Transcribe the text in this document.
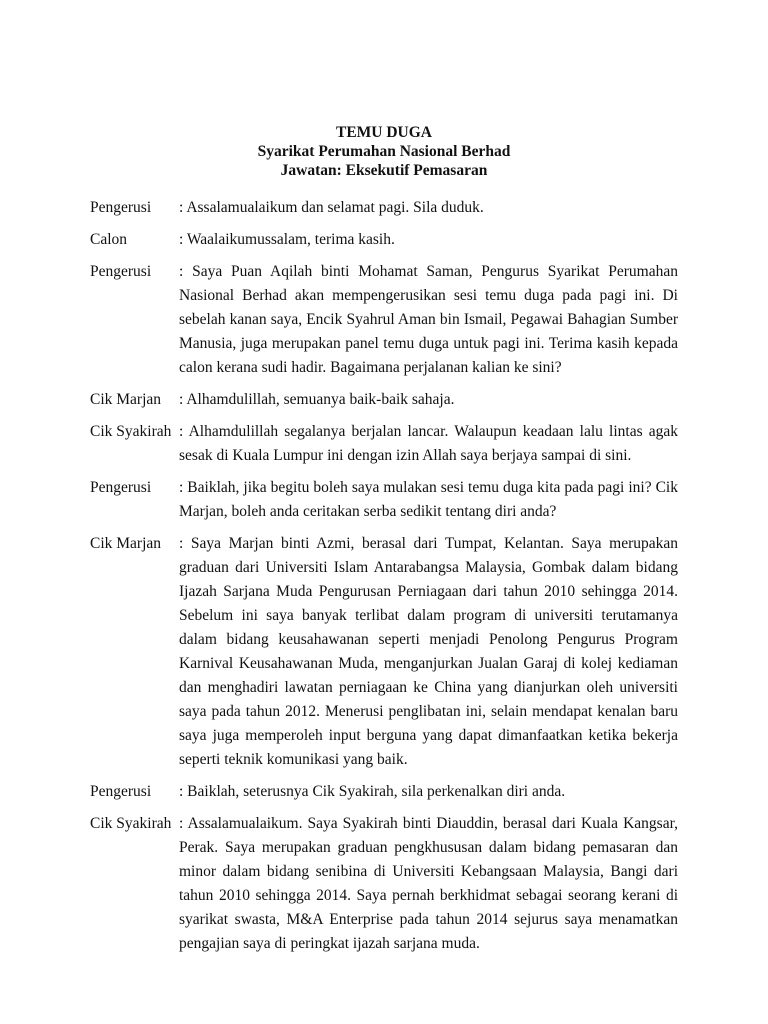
TEMU DUGA
Syarikat Perumahan Nasional Berhad
Jawatan: Eksekutif Pemasaran
Pengerusi	: Assalamualaikum dan selamat pagi. Sila duduk.
Calon	: Waalaikumussalam, terima kasih.
Pengerusi	: Saya Puan Aqilah binti Mohamat Saman, Pengurus Syarikat Perumahan Nasional Berhad akan mempengerusikan sesi temu duga pada pagi ini. Di sebelah kanan saya, Encik Syahrul Aman bin Ismail, Pegawai Bahagian Sumber Manusia, juga merupakan panel temu duga untuk pagi ini. Terima kasih kepada calon kerana sudi hadir. Bagaimana perjalanan kalian ke sini?
Cik Marjan	: Alhamdulillah, semuanya baik-baik sahaja.
Cik Syakirah : Alhamdulillah segalanya berjalan lancar. Walaupun keadaan lalu lintas agak sesak di Kuala Lumpur ini dengan izin Allah saya berjaya sampai di sini.
Pengerusi	: Baiklah, jika begitu boleh saya mulakan sesi temu duga kita pada pagi ini? Cik Marjan, boleh anda ceritakan serba sedikit tentang diri anda?
Cik Marjan	: Saya Marjan binti Azmi, berasal dari Tumpat, Kelantan. Saya merupakan graduan dari Universiti Islam Antarabangsa Malaysia, Gombak dalam bidang Ijazah Sarjana Muda Pengurusan Perniagaan dari tahun 2010 sehingga 2014. Sebelum ini saya banyak terlibat dalam program di universiti terutamanya dalam bidang keusahawanan seperti menjadi Penolong Pengurus Program Karnival Keusahawanan Muda, menganjurkan Jualan Garaj di kolej kediaman dan menghadiri lawatan perniagaan ke China yang dianjurkan oleh universiti saya pada tahun 2012. Menerusi penglibatan ini, selain mendapat kenalan baru saya juga memperoleh input berguna yang dapat dimanfaatkan ketika bekerja seperti teknik komunikasi yang baik.
Pengerusi	: Baiklah, seterusnya Cik Syakirah, sila perkenalkan diri anda.
Cik Syakirah : Assalamualaikum. Saya Syakirah binti Diauddin, berasal dari Kuala Kangsar, Perak. Saya merupakan graduan pengkhususan dalam bidang pemasaran dan minor dalam bidang senibina di Universiti Kebangsaan Malaysia, Bangi dari tahun 2010 sehingga 2014. Saya pernah berkhidmat sebagai seorang kerani di syarikat swasta, M&A Enterprise pada tahun 2014 sejurus saya menamatkan pengajian saya di peringkat ijazah sarjana muda.
